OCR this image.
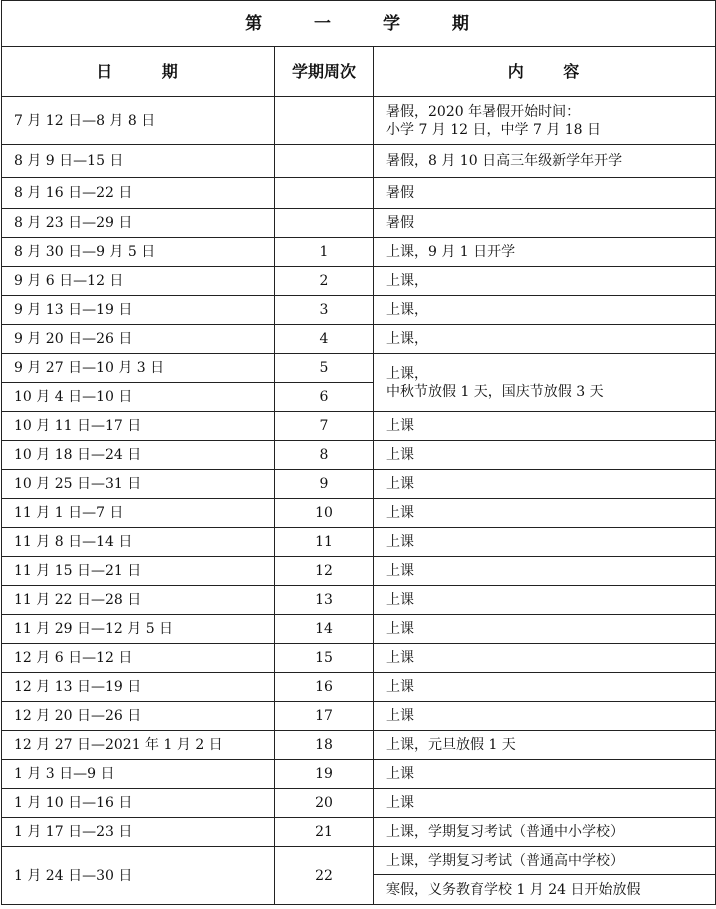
第 一 学 期		
日 期	学期周次	内 容
7 月 12 日—8 月 8 日		暑假，2020 年暑假开始时间：
小学 7 月 12 日，中学 7 月 18 日

8 月 9 日—15 日		暑假，8 月 10 日高三年级新学年开学
8 月 16 日—22 日		暑假
8 月 23 日—29 日		暑假
8 月 30 日—9 月 5 日	1	上课，9 月 1 日开学
9 月 6 日—12 日	2	上课，
9 月 13 日—19 日	3	上课，
9 月 20 日—26 日	4	上课，
9 月 27 日—10 月 3 日	5	上课，
中秋节放假 1 天，国庆节放假 3 天

10 月 4 日—10 日	6	
10 月 11 日—17 日	7	上课
10 月 18 日—24 日	8	上课
10 月 25 日—31 日	9	上课
11 月 1 日—7 日	10	上课
11 月 8 日—14 日	11	上课
11 月 15 日—21 日	12	上课
11 月 22 日—28 日	13	上课
11 月 29 日—12 月 5 日	14	上课
12 月 6 日—12 日	15	上课
12 月 13 日—19 日	16	上课
12 月 20 日—26 日	17	上课
12 月 27 日—2021 年 1 月 2 日	18	上课，元旦放假 1 天
1 月 3 日—9 日	19	上课
1 月 10 日—16 日	20	上课
1 月 17 日—23 日	21	上课，学期复习考试（普通中小学校）
1 月 24 日—30 日	22	上课，学期复习考试（普通高中学校）
		寒假，义务教育学校 1 月 24 日开始放假
